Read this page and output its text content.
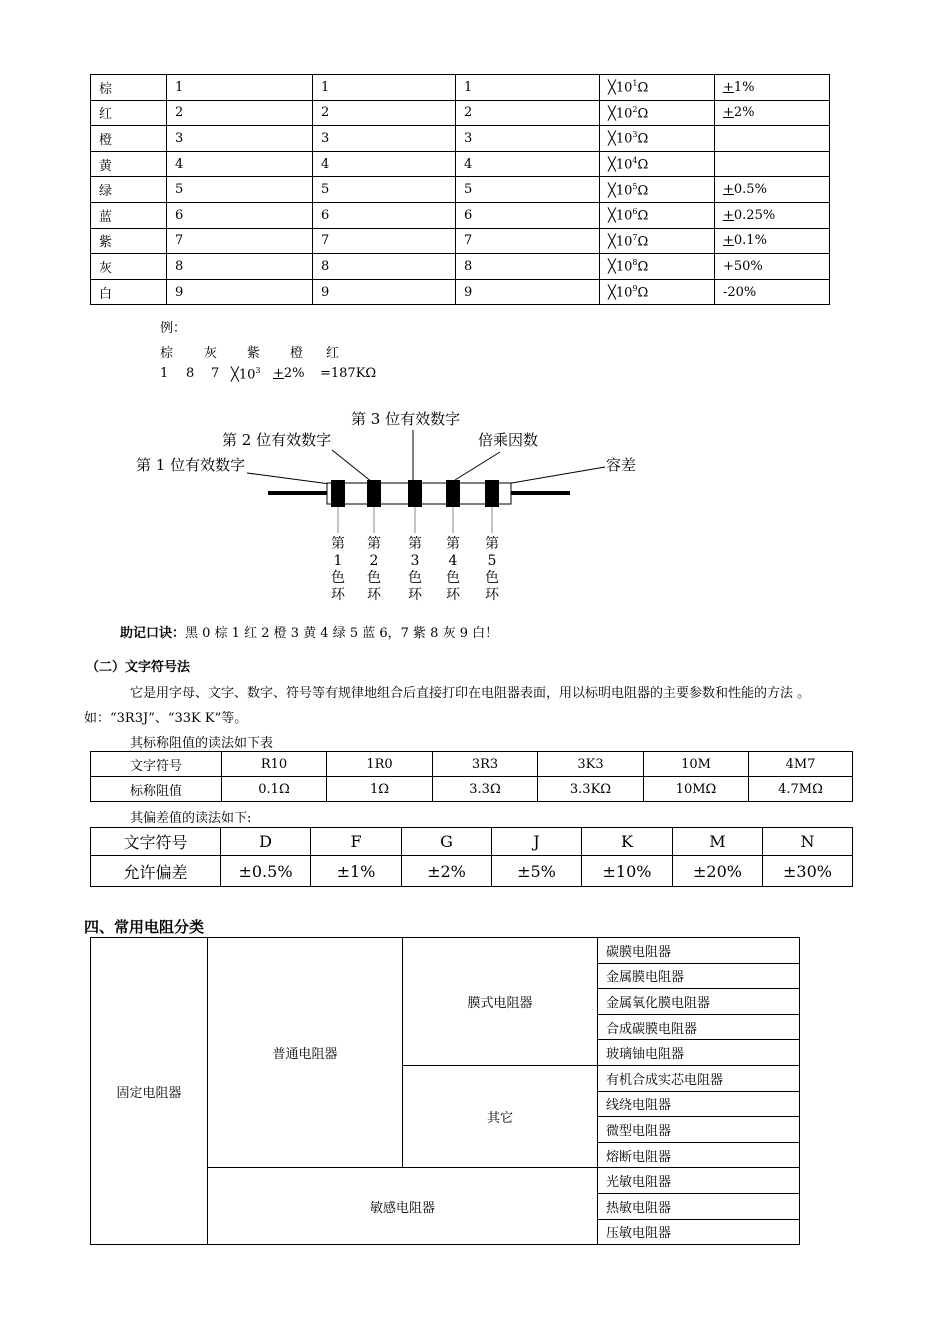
棕	1	1	1	$╳10^1\Omega$	+1%
红	2	2	2	$╳10^2\Omega$	+2%
橙	3	3	3	$╳10^3\Omega$	
黄	4	4	4	$╳10^4\Omega$	
绿	5	5	5	$╳10^5\Omega$	+0.5%
蓝	6	6	6	$╳10^6\Omega$	+0.25%
紫	7	7	7	$╳10^7\Omega$	+0.1%
灰	8	8	8	$╳10^8\Omega$	+50%
白	9	9	9	$╳10^9\Omega$	-20%
例：
棕 灰 紫 橙 红
1 8 7 $╳10^3 +2\% =187K\Omega$
第 3 位有效数字
第 2 位有效数字	倍乘因数
第 1 位有效数字	容差
第
1
色
环
第
2
色
环
第
3
色
环
第
4
色
环
第
5
色
环
助记口诀：黑 0 棕 1 红 2 橙 3 黄 4 绿 5 蓝 6，7 紫 8 灰 9 白！
（二）文字符号法
它是用字母、文字、数字、符号等有规律地组合后直接打印在电阻器表面，用以标明电阻器的主要参数和性能的方法 。
如：“3R3J”、“33K K”等。
其标称阻值的读法如下表
文字符号	R10	1R0	3R3	3K3	10M	4M7
标称阻值	0.1Ω	1Ω	3.3Ω	3.3KΩ	10MΩ	4.7MΩ
其偏差值的读法如下:
文字符号	D	F	G	J	K	M	N
允许偏差	±0.5%	±1%	±2%	±5%	±10%	±20%	±30%
四、常用电阻分类
固定电阻器	普通电阻器	膜式电阻器	碳膜电阻器
			金属膜电阻器
			金属氧化膜电阻器
			合成碳膜电阻器
			玻璃铀电阻器
		其它	有机合成实芯电阻器
			线绕电阻器
			微型电阻器
			熔断电阻器
	敏感电阻器		光敏电阻器
			热敏电阻器
			压敏电阻器
